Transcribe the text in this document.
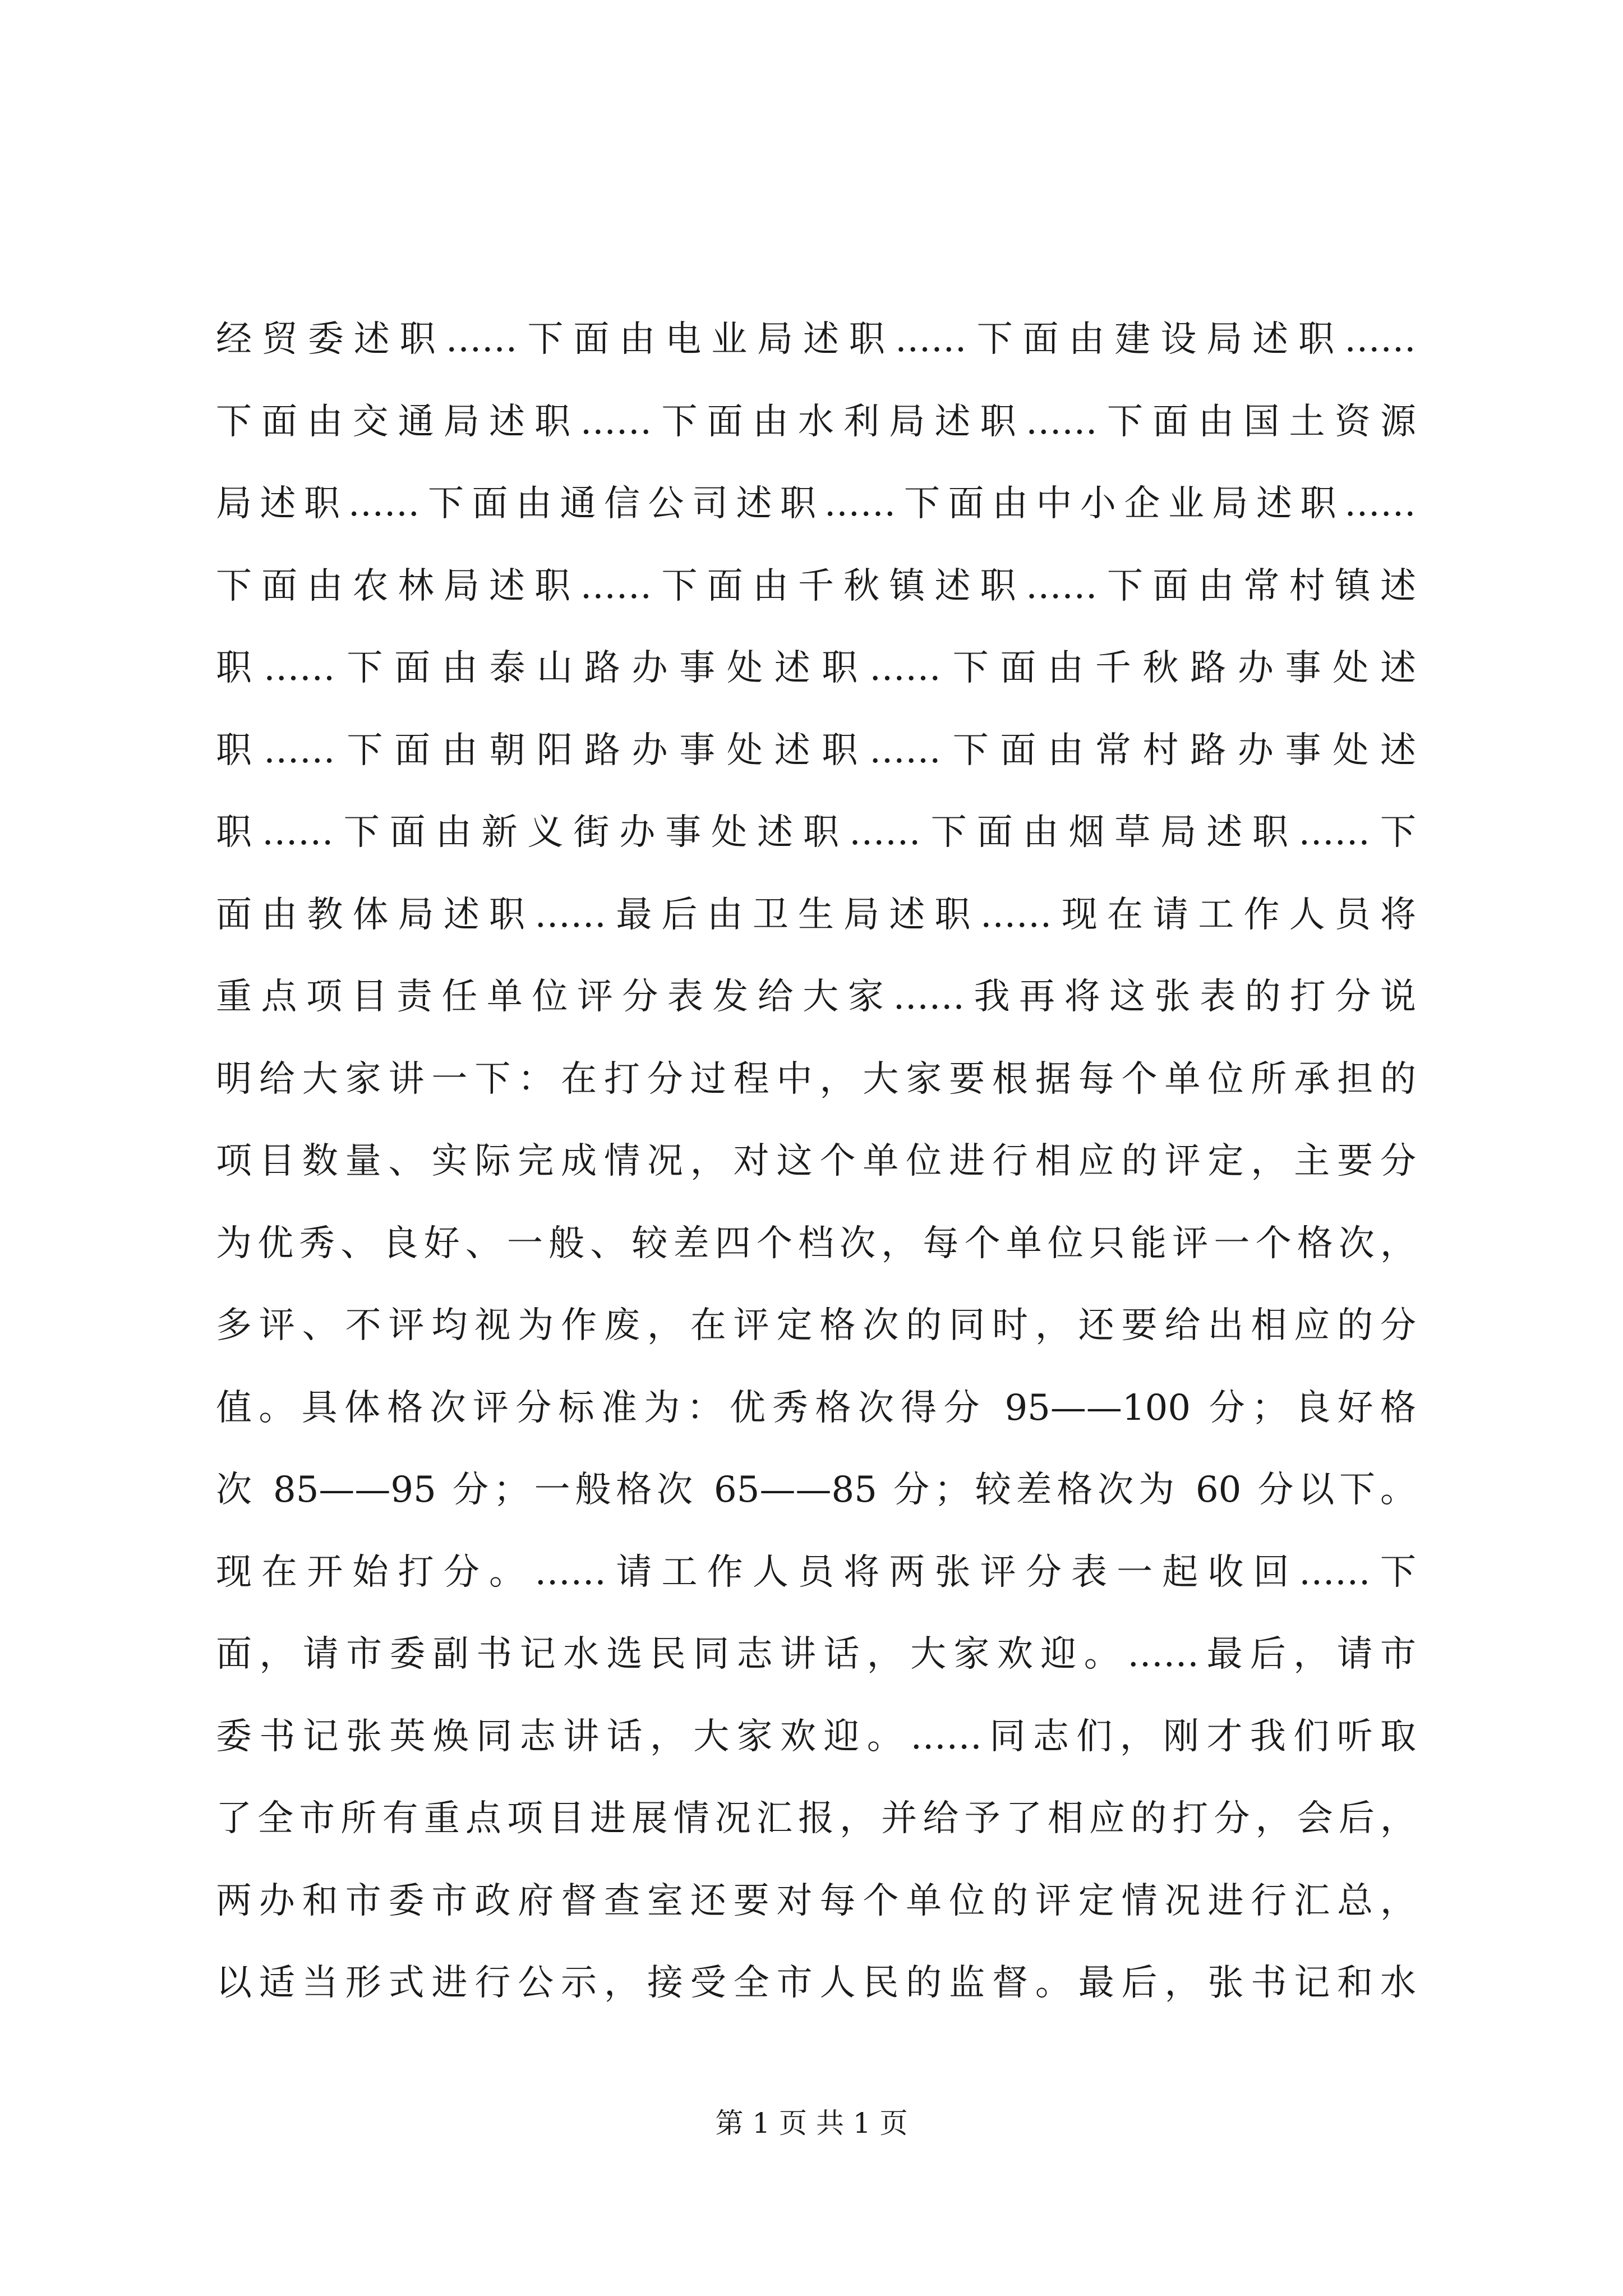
经贸委述职……下面由电业局述职……下面由建设局述职……
下面由交通局述职……下面由水利局述职……下面由国土资源
局述职……下面由通信公司述职……下面由中小企业局述职……
下面由农林局述职……下面由千秋镇述职……下面由常村镇述
职……下面由泰山路办事处述职……下面由千秋路办事处述
职……下面由朝阳路办事处述职……下面由常村路办事处述
职……下面由新义街办事处述职……下面由烟草局述职……下
面由教体局述职……最后由卫生局述职……现在请工作人员将
重点项目责任单位评分表发给大家……我再将这张表的打分说
明给大家讲一下：在打分过程中，大家要根据每个单位所承担的
项目数量、实际完成情况，对这个单位进行相应的评定，主要分
为优秀、良好、一般、较差四个档次，每个单位只能评一个格次，
多评、不评均视为作废，在评定格次的同时，还要给出相应的分
值。具体格次评分标准为：优秀格次得分 95——100 分；良好格
次 85——95 分；一般格次 65——85 分；较差格次为 60 分以下。
现在开始打分。……请工作人员将两张评分表一起收回……下
面，请市委副书记水选民同志讲话，大家欢迎。……最后，请市
委书记张英焕同志讲话，大家欢迎。……同志们，刚才我们听取
了全市所有重点项目进展情况汇报，并给予了相应的打分，会后，
两办和市委市政府督查室还要对每个单位的评定情况进行汇总，
以适当形式进行公示，接受全市人民的监督。最后，张书记和水
第 1 页 共 1 页
